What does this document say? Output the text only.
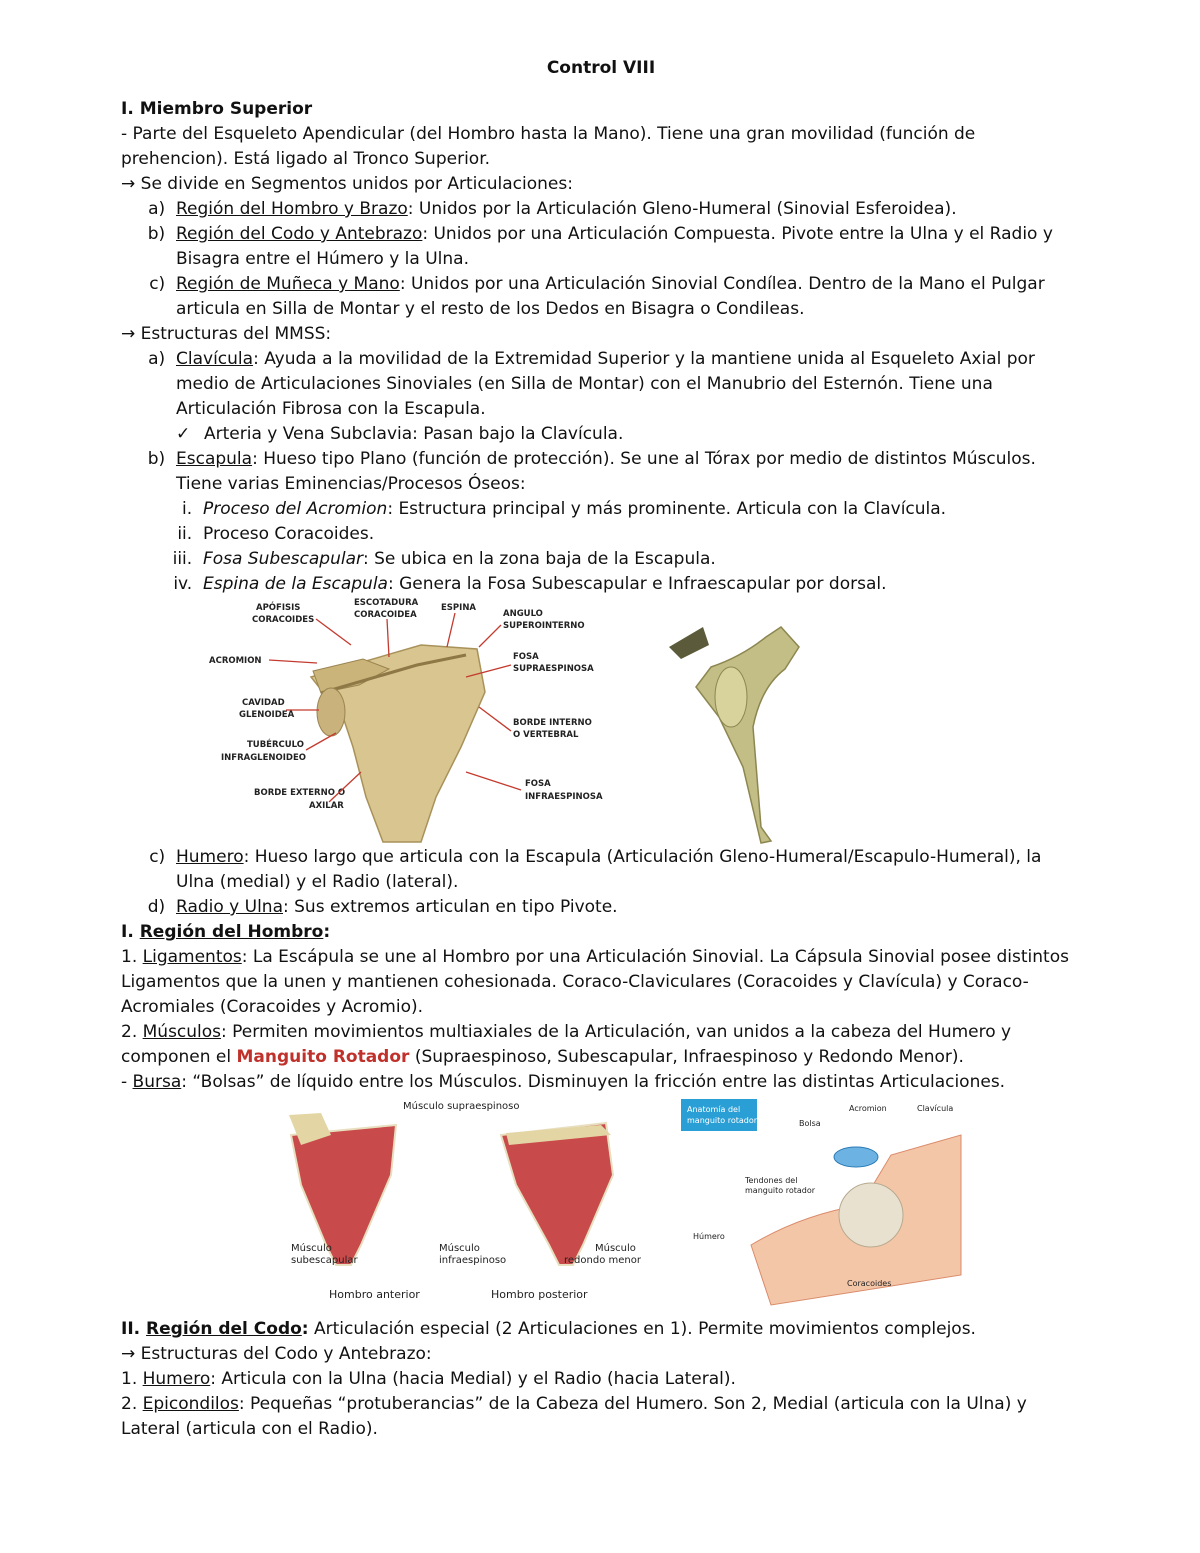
Control VIII

I. Miembro Superior

- Parte del Esqueleto Apendicular (del Hombro hasta la Mano). Tiene una gran movilidad (función de prehencion). Está ligado al Tronco Superior.

→ Se divide en Segmentos unidos por Articulaciones:

a) Región del Hombro y Brazo: Unidos por la Articulación Gleno-Humeral (Sinovial Esferoidea).
b) Región del Codo y Antebrazo: Unidos por una Articulación Compuesta. Pivote entre la Ulna y el Radio y Bisagra entre el Húmero y la Ulna.
c) Región de Muñeca y Mano: Unidos por una Articulación Sinovial Condílea. Dentro de la Mano el Pulgar articula en Silla de Montar y el resto de los Dedos en Bisagra o Condileas.

→ Estructuras del MMSS:

a) Clavícula: Ayuda a la movilidad de la Extremidad Superior y la mantiene unida al Esqueleto Axial por medio de Articulaciones Sinoviales (en Silla de Montar) con el Manubrio del Esternón. Tiene una Articulación Fibrosa con la Escapula.
✓ Arteria y Vena Subclavia: Pasan bajo la Clavícula.
b) Escapula: Hueso tipo Plano (función de protección). Se une al Tórax por medio de distintos Músculos. Tiene varias Eminencias/Procesos Óseos:
i. Proceso del Acromion: Estructura principal y más prominente. Articula con la Clavícula.
ii. Proceso Coracoides.
iii. Fosa Subescapular: Se ubica en la zona baja de la Escapula.
iv. Espina de la Escapula: Genera la Fosa Subescapular e Infraescapular por dorsal.
APÓFISIS
CORACOIDES
ESCOTADURA
CORACOIDEA
ESPINA
ANGULO
SUPEROINTERNO
ACROMION	FOSA
SUPRAESPINOSA
CAVIDAD
GLENOIDEA
BORDE INTERNO
O VERTEBRAL
TUBÉRCULO
INFRAGLENOIDEO
FOSA
INFRAESPINOSA
BORDE EXTERNO O
AXILAR
c) Humero: Hueso largo que articula con la Escapula (Articulación Gleno-Humeral/Escapulo-Humeral), la Ulna (medial) y el Radio (lateral).
d) Radio y Ulna: Sus extremos articulan en tipo Pivote.

I. Región del Hombro:

1. Ligamentos: La Escápula se une al Hombro por una Articulación Sinovial. La Cápsula Sinovial posee distintos Ligamentos que la unen y mantienen cohesionada. Coraco-Claviculares (Coracoides y Clavícula) y Coraco-Acromiales (Coracoides y Acromio).

2. Músculos: Permiten movimientos multiaxiales de la Articulación, van unidos a la cabeza del Humero y componen el Manguito Rotador (Supraespinoso, Subescapular, Infraespinoso y Redondo Menor).

- Bursa: “Bolsas” de líquido entre los Músculos. Disminuyen la fricción entre las distintas Articulaciones.

Anatomía del
manguito rotador
Músculo supraespinoso
Músculo
subescapular
Músculo
infraespinoso
Músculo
redondo menor
Hombro anterior	Hombro posterior
Bolsa
Acromion	Clavícula
Tendones del
manguito rotador
Húmero
Coracoides

II. Región del Codo: Articulación especial (2 Articulaciones en 1). Permite movimientos complejos.

→ Estructuras del Codo y Antebrazo:

1. Humero: Articula con la Ulna (hacia Medial) y el Radio (hacia Lateral).

2. Epicondilos: Pequeñas “protuberancias” de la Cabeza del Humero. Son 2, Medial (articula con la Ulna) y Lateral (articula con el Radio).
